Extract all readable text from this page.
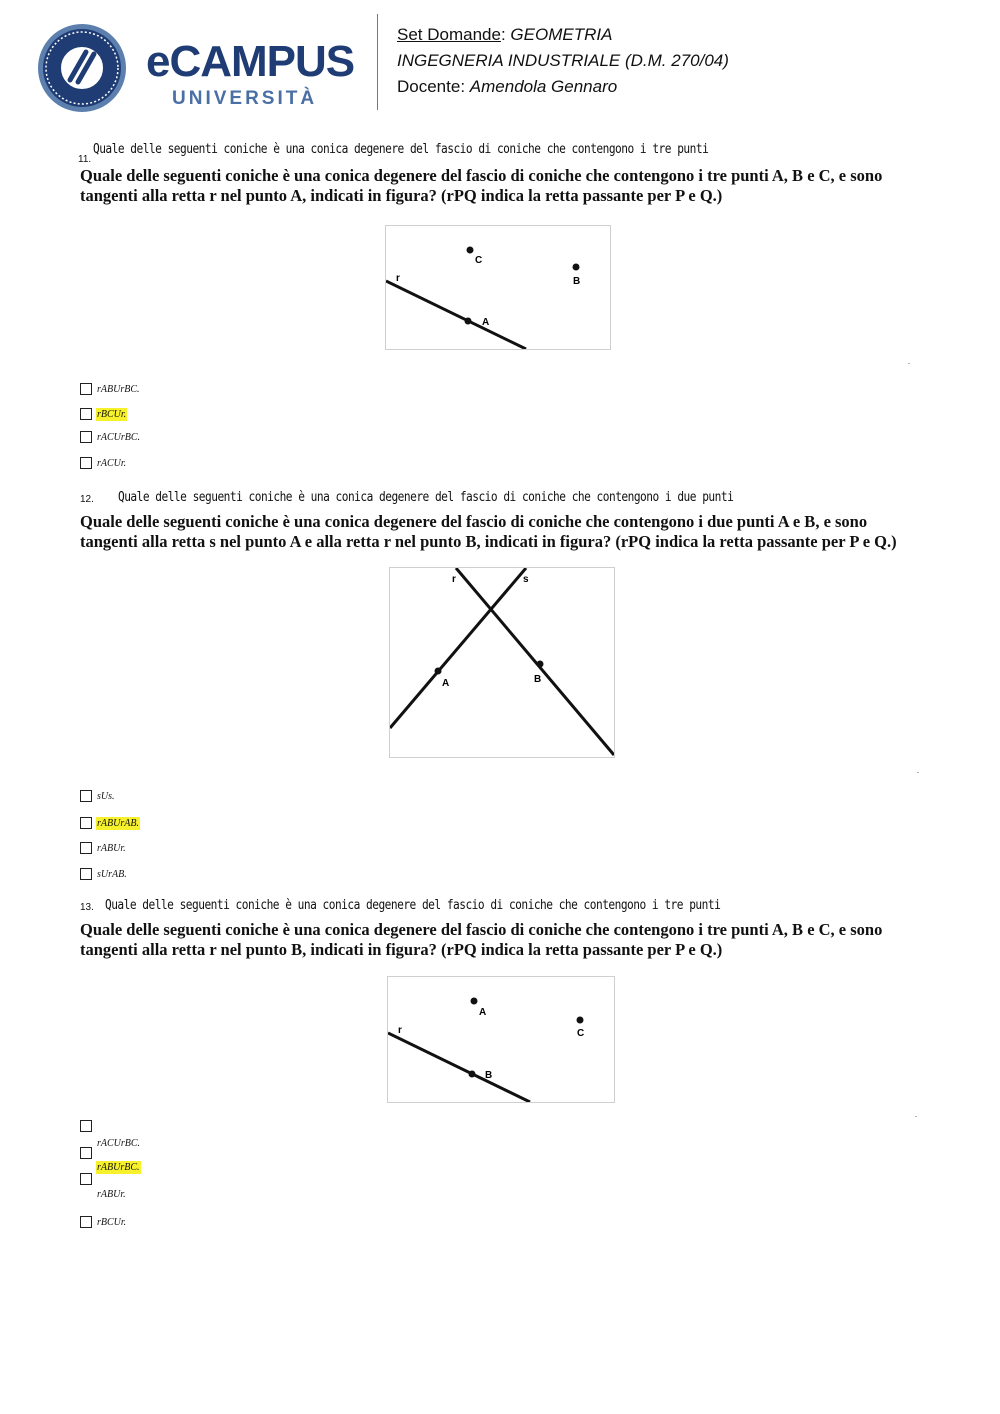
eCAMPUS
UNIVERSITÀ
Set Domande: GEOMETRIA
INGEGNERIA INDUSTRIALE (D.M. 270/04)
Docente: Amendola Gennaro
11.
Quale delle seguenti coniche è una conica degenere del fascio di coniche che contengono i tre punti
Quale delle seguenti coniche è una conica degenere del fascio di coniche che contengono i tre punti A, B e C, e sono tangenti alla retta r nel punto A, indicati in figura? (rPQ indica la retta passante per P e Q.)
C
B
r
A
.
rABUrBC.
rBCUr.
rACUrBC.
rACUr.
12. Quale delle seguenti coniche è una conica degenere del fascio di coniche che contengono i due punti
Quale delle seguenti coniche è una conica degenere del fascio di coniche che contengono i due punti A e B, e sono tangenti alla retta s nel punto A e alla retta r nel punto B, indicati in figura? (rPQ indica la retta passante per P e Q.)
r	s
A	B
.
sUs.
rABUrAB.
rABUr.
sUrAB.
13. Quale delle seguenti coniche è una conica degenere del fascio di coniche che contengono i tre punti
Quale delle seguenti coniche è una conica degenere del fascio di coniche che contengono i tre punti A, B e C, e sono tangenti alla retta r nel punto B, indicati in figura? (rPQ indica la retta passante per P e Q.)
A
C
r
B
.
rACUrBC.
rABUrBC.
rABUr.
rBCUr.
